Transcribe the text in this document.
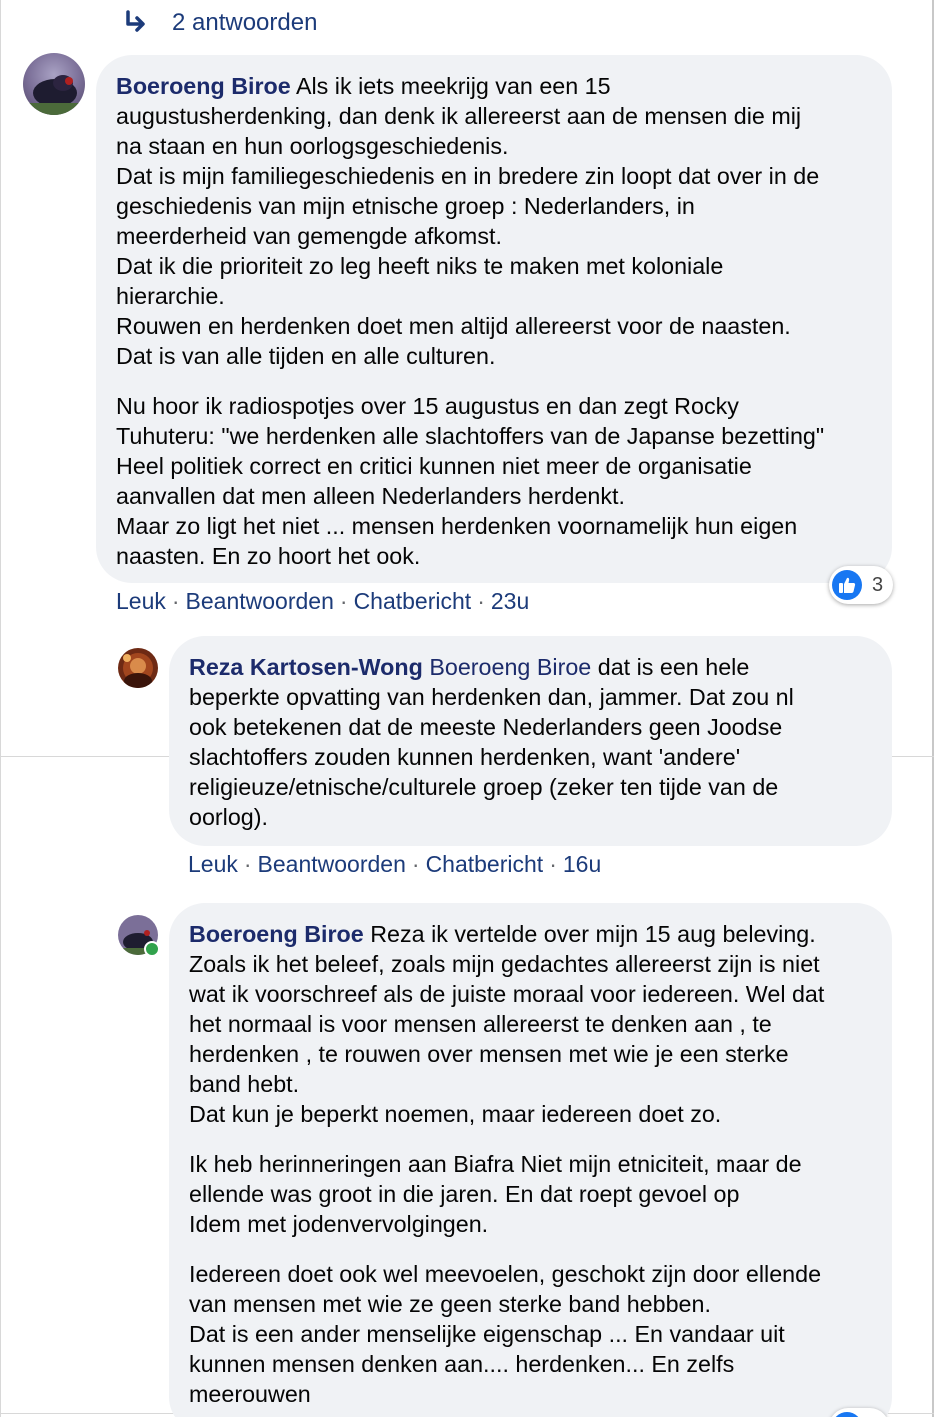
2 antwoorden
Boeroeng Biroe Als ik iets meekrijg van een 15
augustusherdenking, dan denk ik allereerst aan de mensen die mij
na staan en hun oorlogsgeschiedenis.
Dat is mijn familiegeschiedenis en in bredere zin loopt dat over in de
geschiedenis van mijn etnische groep : Nederlanders, in
meerderheid van gemengde afkomst.
Dat ik die prioriteit zo leg heeft niks te maken met koloniale
hierarchie.
Rouwen en herdenken doet men altijd allereerst voor de naasten.
Dat is van alle tijden en alle culturen.
Nu hoor ik radiospotjes over 15 augustus en dan zegt Rocky
Tuhuteru: "we herdenken alle slachtoffers van de Japanse bezetting"
Heel politiek correct en critici kunnen niet meer de organisatie
aanvallen dat men alleen Nederlanders herdenkt.
Maar zo ligt het niet ... mensen herdenken voornamelijk hun eigen
naasten. En zo hoort het ook.
3
Leuk · Beantwoorden · Chatbericht · 23u
Reza Kartosen-Wong Boeroeng Biroe dat is een hele
beperkte opvatting van herdenken dan, jammer. Dat zou nl
ook betekenen dat de meeste Nederlanders geen Joodse
slachtoffers zouden kunnen herdenken, want 'andere'
religieuze/etnische/culturele groep (zeker ten tijde van de
oorlog).
Leuk · Beantwoorden · Chatbericht · 16u
Boeroeng Biroe Reza ik vertelde over mijn 15 aug beleving.
Zoals ik het beleef, zoals mijn gedachtes allereerst zijn is niet
wat ik voorschreef als de juiste moraal voor iedereen. Wel dat
het normaal is voor mensen allereerst te denken aan , te
herdenken , te rouwen over mensen met wie je een sterke
band hebt.
Dat kun je beperkt noemen, maar iedereen doet zo.
Ik heb herinneringen aan Biafra Niet mijn etniciteit, maar de
ellende was groot in die jaren. En dat roept gevoel op
Idem met jodenvervolgingen.
Iedereen doet ook wel meevoelen, geschokt zijn door ellende
van mensen met wie ze geen sterke band hebben.
Dat is een ander menselijke eigenschap ... En vandaar uit
kunnen mensen denken aan.... herdenken... En zelfs
meerouwen
